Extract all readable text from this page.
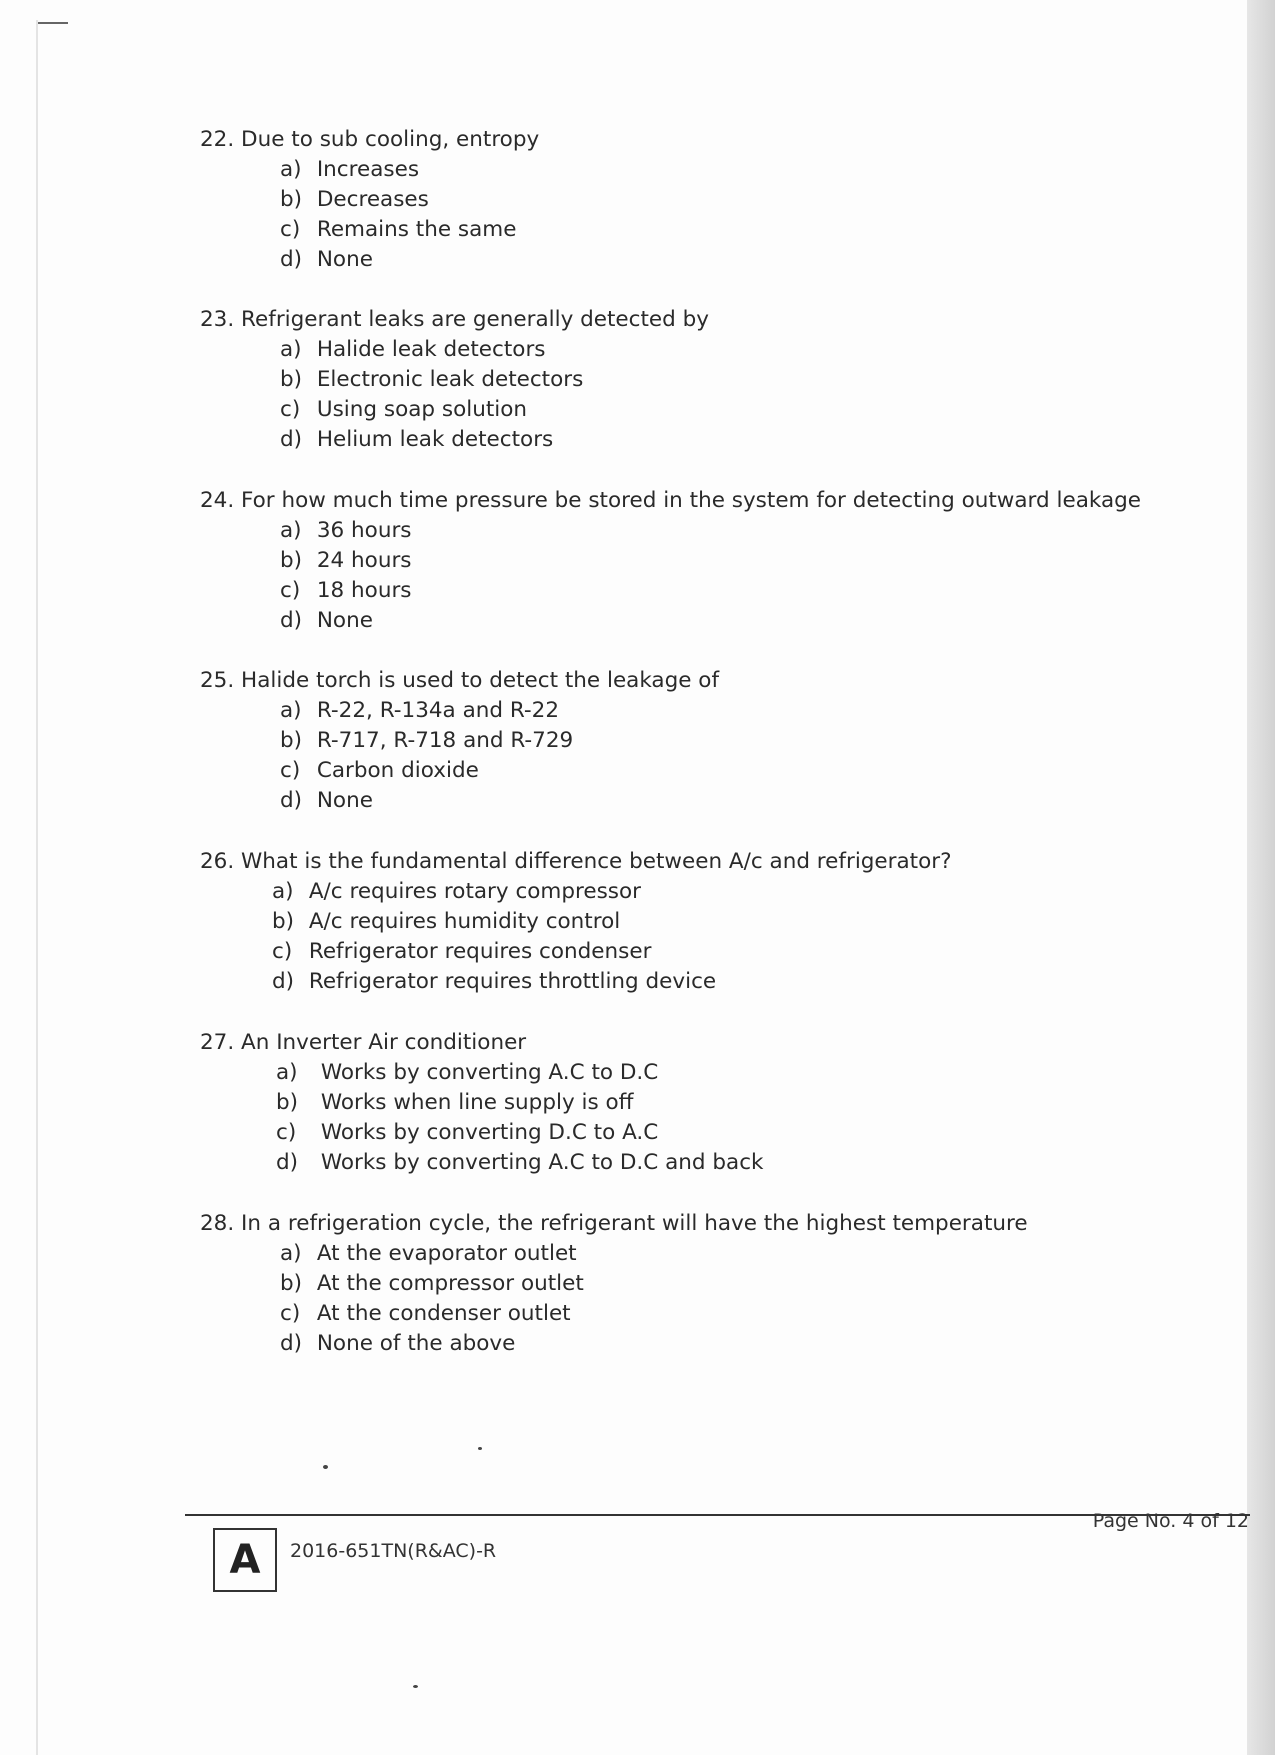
22. Due to sub cooling, entropy
a) Increases
b) Decreases
c) Remains the same
d) None
23. Refrigerant leaks are generally detected by
a) Halide leak detectors
b) Electronic leak detectors
c) Using soap solution
d) Helium leak detectors
24. For how much time pressure be stored in the system for detecting outward leakage
a) 36 hours
b) 24 hours
c) 18 hours
d) None
25. Halide torch is used to detect the leakage of
a) R-22, R-134a and R-22
b) R-717, R-718 and R-729
c) Carbon dioxide
d) None
26. What is the fundamental difference between A/c and refrigerator?
a) A/c requires rotary compressor
b) A/c requires humidity control
c) Refrigerator requires condenser
d) Refrigerator requires throttling device
27. An Inverter Air conditioner
a) Works by converting A.C to D.C
b) Works when line supply is off
c) Works by converting D.C to A.C
d) Works by converting A.C to D.C and back
28. In a refrigeration cycle, the refrigerant will have the highest temperature
a) At the evaporator outlet
b) At the compressor outlet
c) At the condenser outlet
d) None of the above
Page No. 4 of 12
A	2016-651TN(R&AC)-R
